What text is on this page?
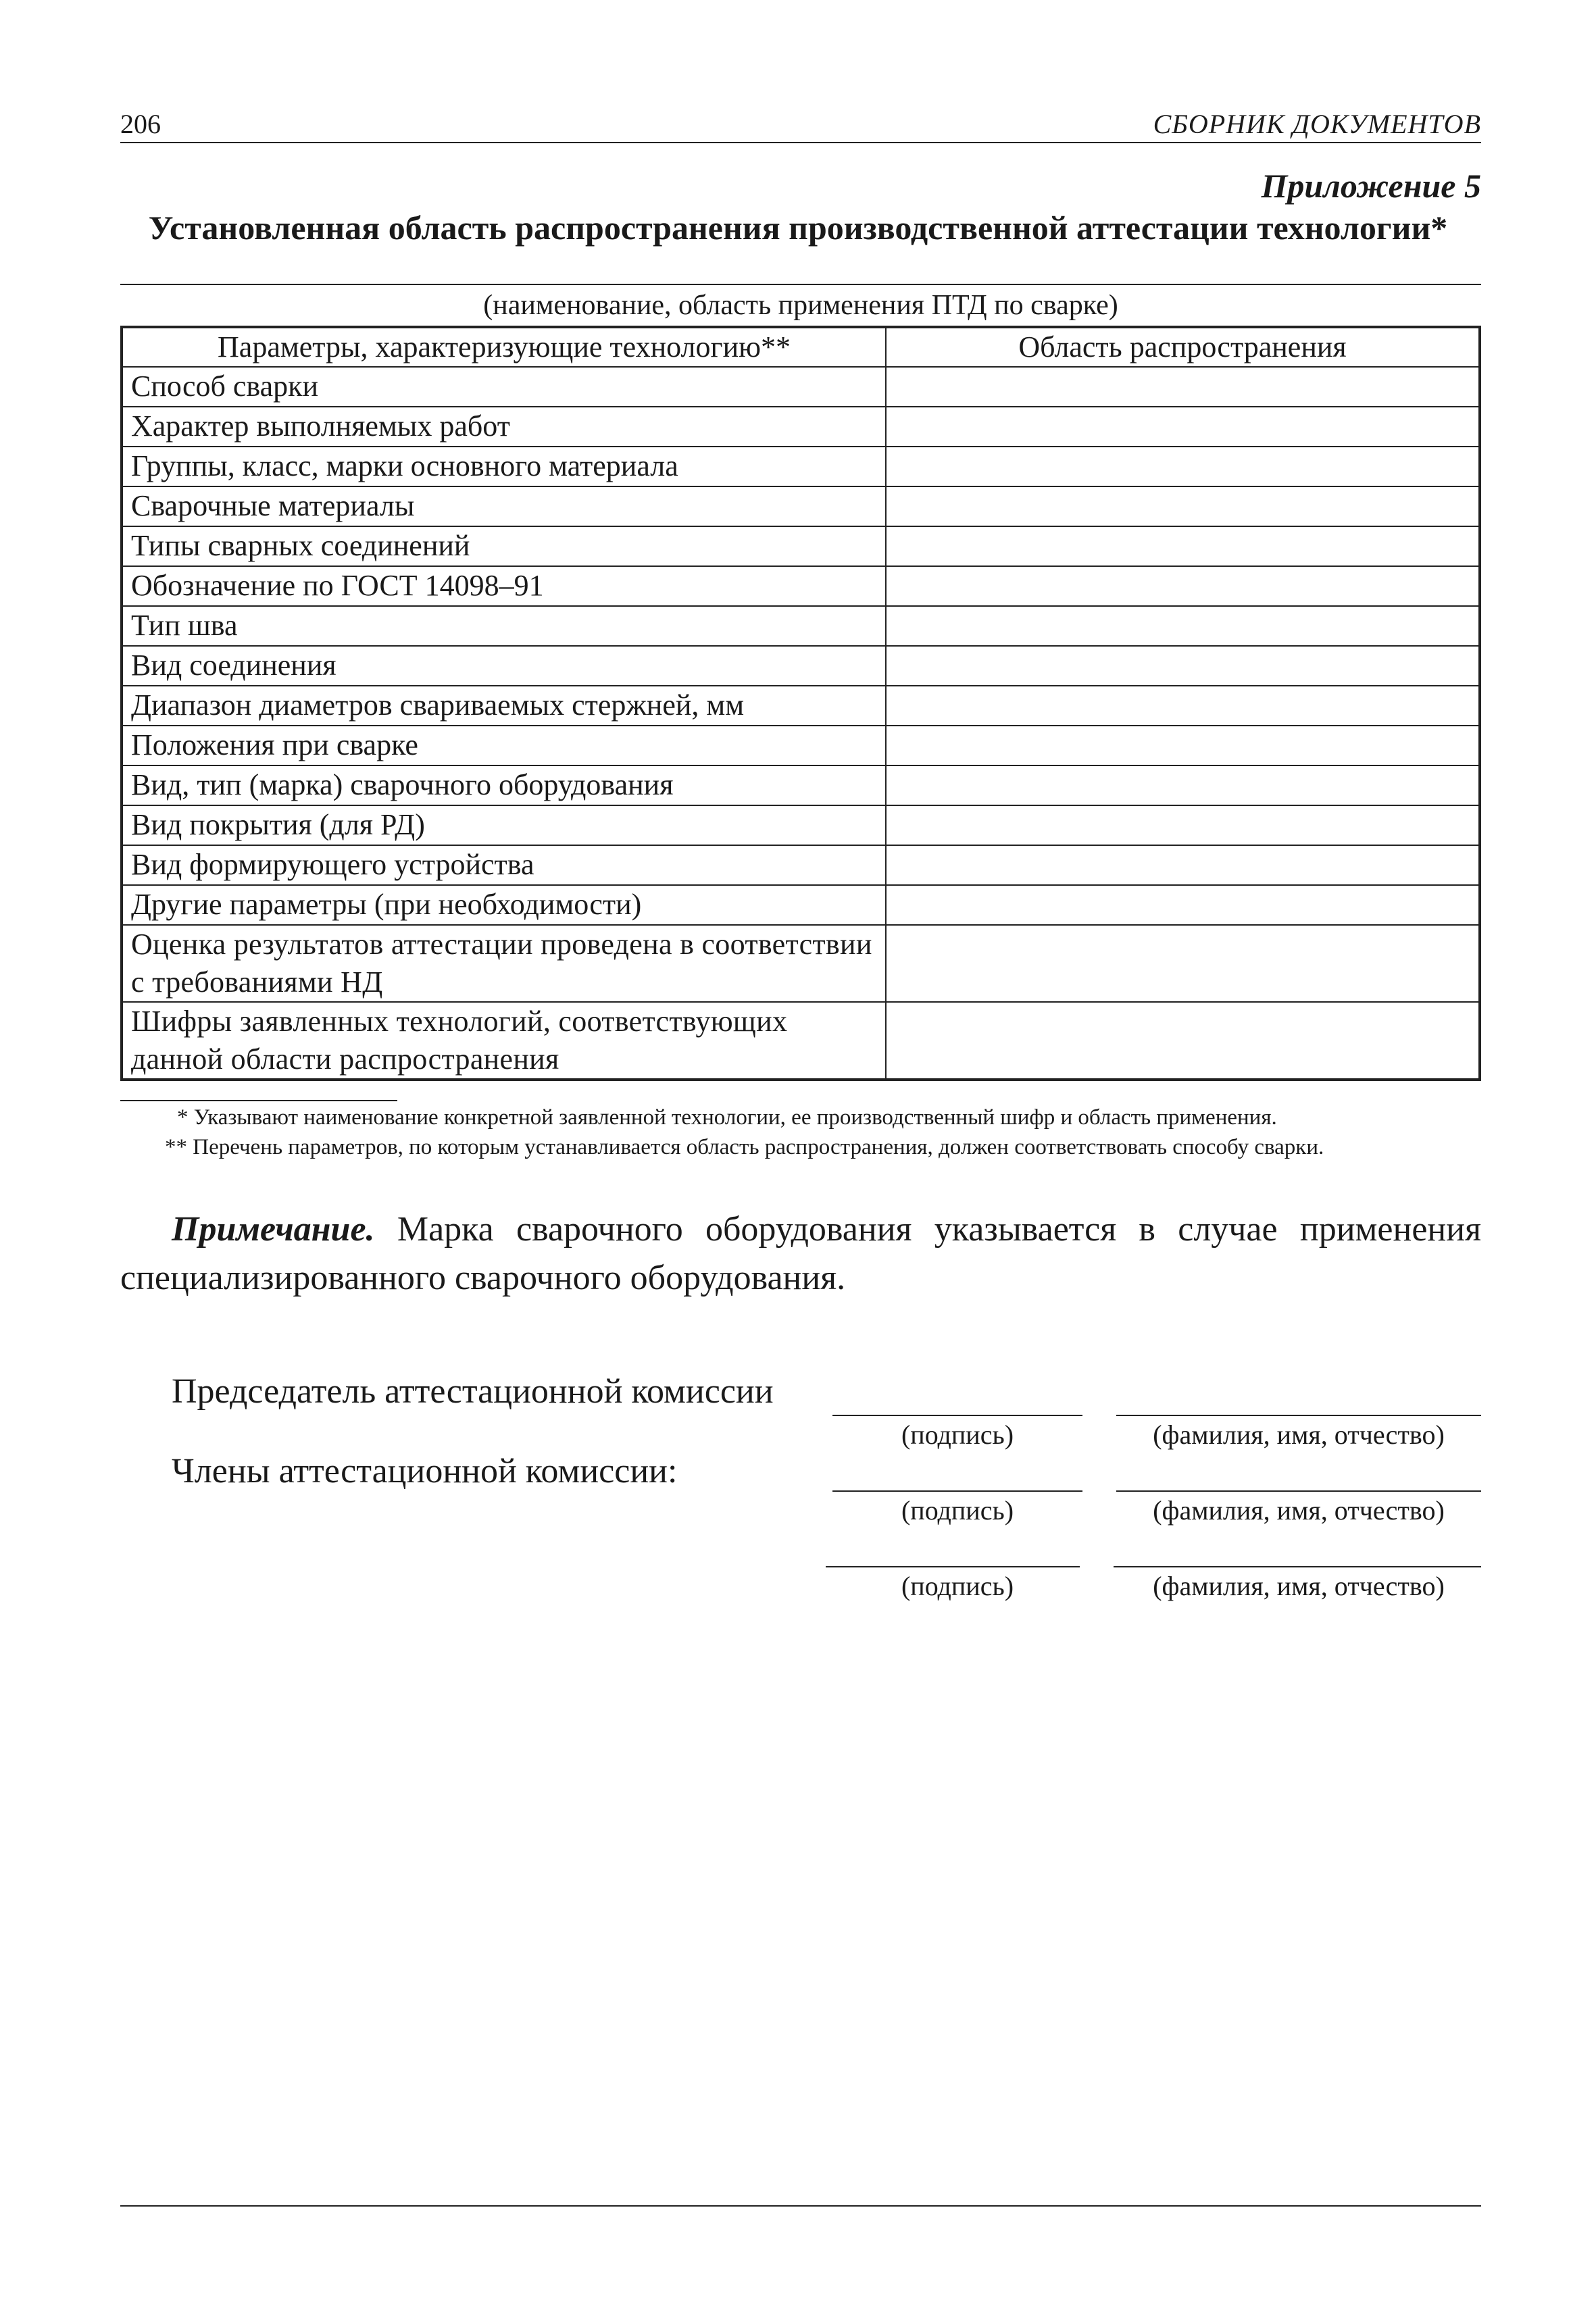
206	СБОРНИК ДОКУМЕНТОВ
Приложение 5
Установленная область распространения производственной аттестации технологии*
(наименование, область применения ПТД по сварке)
Параметры, характеризующие технологию**	Область распространения
Способ сварки	
Характер выполняемых работ	
Группы, класс, марки основного материала	
Сварочные материалы	
Типы сварных соединений	
Обозначение по ГОСТ 14098–91	
Тип шва	
Вид соединения	
Диапазон диаметров свариваемых стержней, мм	
Положения при сварке	
Вид, тип (марка) сварочного оборудования	
Вид покрытия (для РД)	
Вид формирующего устройства	
Другие параметры (при необходимости)	
Оценка результатов аттестации проведена в соответствии с требованиями НД	
Шифры заявленных технологий, соответствующих данной области распространения	
* Указывают наименование конкретной заявленной технологии, ее производственный шифр и область применения.
** Перечень параметров, по которым устанавливается область распространения, должен соответствовать способу сварки.
Примечание. Марка сварочного оборудования указывается в случае применения специализированного сварочного оборудования.
Председатель аттестационной комиссии
(подпись)	(фамилия, имя, отчество)
Члены аттестационной комиссии:
(подпись)	(фамилия, имя, отчество)
(подпись)	(фамилия, имя, отчество)
